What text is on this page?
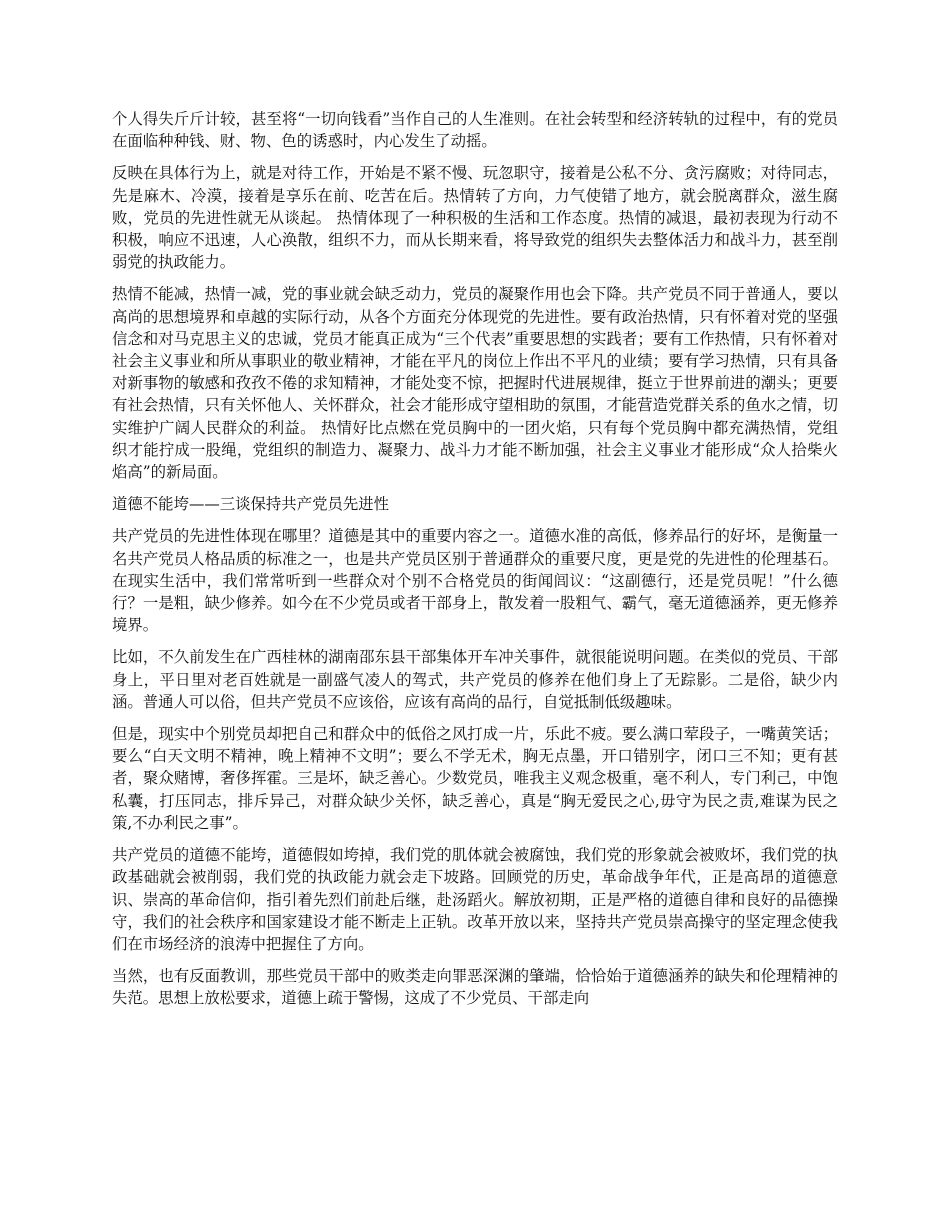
个人得失斤斤计较，甚至将“一切向钱看”当作自己的人生准则。在社会转型和经济转轨的过程中，有的党员在面临种种钱、财、物、色的诱惑时，内心发生了动摇。

反映在具体行为上，就是对待工作，开始是不紧不慢、玩忽职守，接着是公私不分、贪污腐败；对待同志，先是麻木、冷漠，接着是享乐在前、吃苦在后。热情转了方向，力气使错了地方，就会脱离群众，滋生腐败，党员的先进性就无从谈起。 热情体现了一种积极的生活和工作态度。热情的减退，最初表现为行动不积极，响应不迅速，人心涣散，组织不力，而从长期来看，将导致党的组织失去整体活力和战斗力，甚至削弱党的执政能力。

热情不能减，热情一减，党的事业就会缺乏动力，党员的凝聚作用也会下降。共产党员不同于普通人，要以高尚的思想境界和卓越的实际行动，从各个方面充分体现党的先进性。要有政治热情，只有怀着对党的坚强信念和对马克思主义的忠诚，党员才能真正成为“三个代表”重要思想的实践者；要有工作热情，只有怀着对社会主义事业和所从事职业的敬业精神，才能在平凡的岗位上作出不平凡的业绩；要有学习热情，只有具备对新事物的敏感和孜孜不倦的求知精神，才能处变不惊，把握时代进展规律，挺立于世界前进的潮头；更要有社会热情，只有关怀他人、关怀群众，社会才能形成守望相助的氛围，才能营造党群关系的鱼水之情，切实维护广阔人民群众的利益。 热情好比点燃在党员胸中的一团火焰，只有每个党员胸中都充满热情，党组织才能拧成一股绳，党组织的制造力、凝聚力、战斗力才能不断加强，社会主义事业才能形成“众人拾柴火焰高”的新局面。

道德不能垮——三谈保持共产党员先进性

共产党员的先进性体现在哪里？道德是其中的重要内容之一。道德水准的高低，修养品行的好坏，是衡量一名共产党员人格品质的标准之一，也是共产党员区别于普通群众的重要尺度，更是党的先进性的伦理基石。 在现实生活中，我们常常听到一些群众对个别不合格党员的街闻闾议：“这副德行，还是党员呢！”什么德行？一是粗，缺少修养。如今在不少党员或者干部身上，散发着一股粗气、霸气，毫无道德涵养，更无修养境界。

比如，不久前发生在广西桂林的湖南邵东县干部集体开车冲关事件，就很能说明问题。在类似的党员、干部身上，平日里对老百姓就是一副盛气凌人的驾式，共产党员的修养在他们身上了无踪影。二是俗，缺少内涵。普通人可以俗，但共产党员不应该俗，应该有高尚的品行，自觉抵制低级趣味。

但是，现实中个别党员却把自己和群众中的低俗之风打成一片，乐此不疲。要么满口荤段子，一嘴黄笑话；要么“白天文明不精神，晚上精神不文明”；要么不学无术，胸无点墨，开口错别字，闭口三不知；更有甚者，聚众赌博，奢侈挥霍。三是坏，缺乏善心。少数党员，唯我主义观念极重，毫不利人，专门利己，中饱私囊，打压同志，排斥异己，对群众缺少关怀，缺乏善心，真是“胸无爱民之心,毋守为民之责,难谋为民之策,不办利民之事”。

共产党员的道德不能垮，道德假如垮掉，我们党的肌体就会被腐蚀，我们党的形象就会被败坏，我们党的执政基础就会被削弱，我们党的执政能力就会走下坡路。回顾党的历史，革命战争年代，正是高昂的道德意识、崇高的革命信仰，指引着先烈们前赴后继，赴汤蹈火。解放初期，正是严格的道德自律和良好的品德操守，我们的社会秩序和国家建设才能不断走上正轨。改革开放以来，坚持共产党员崇高操守的坚定理念使我们在市场经济的浪涛中把握住了方向。

当然，也有反面教训，那些党员干部中的败类走向罪恶深渊的肇端，恰恰始于道德涵养的缺失和伦理精神的失范。思想上放松要求，道德上疏于警惕，这成了不少党员、干部走向
